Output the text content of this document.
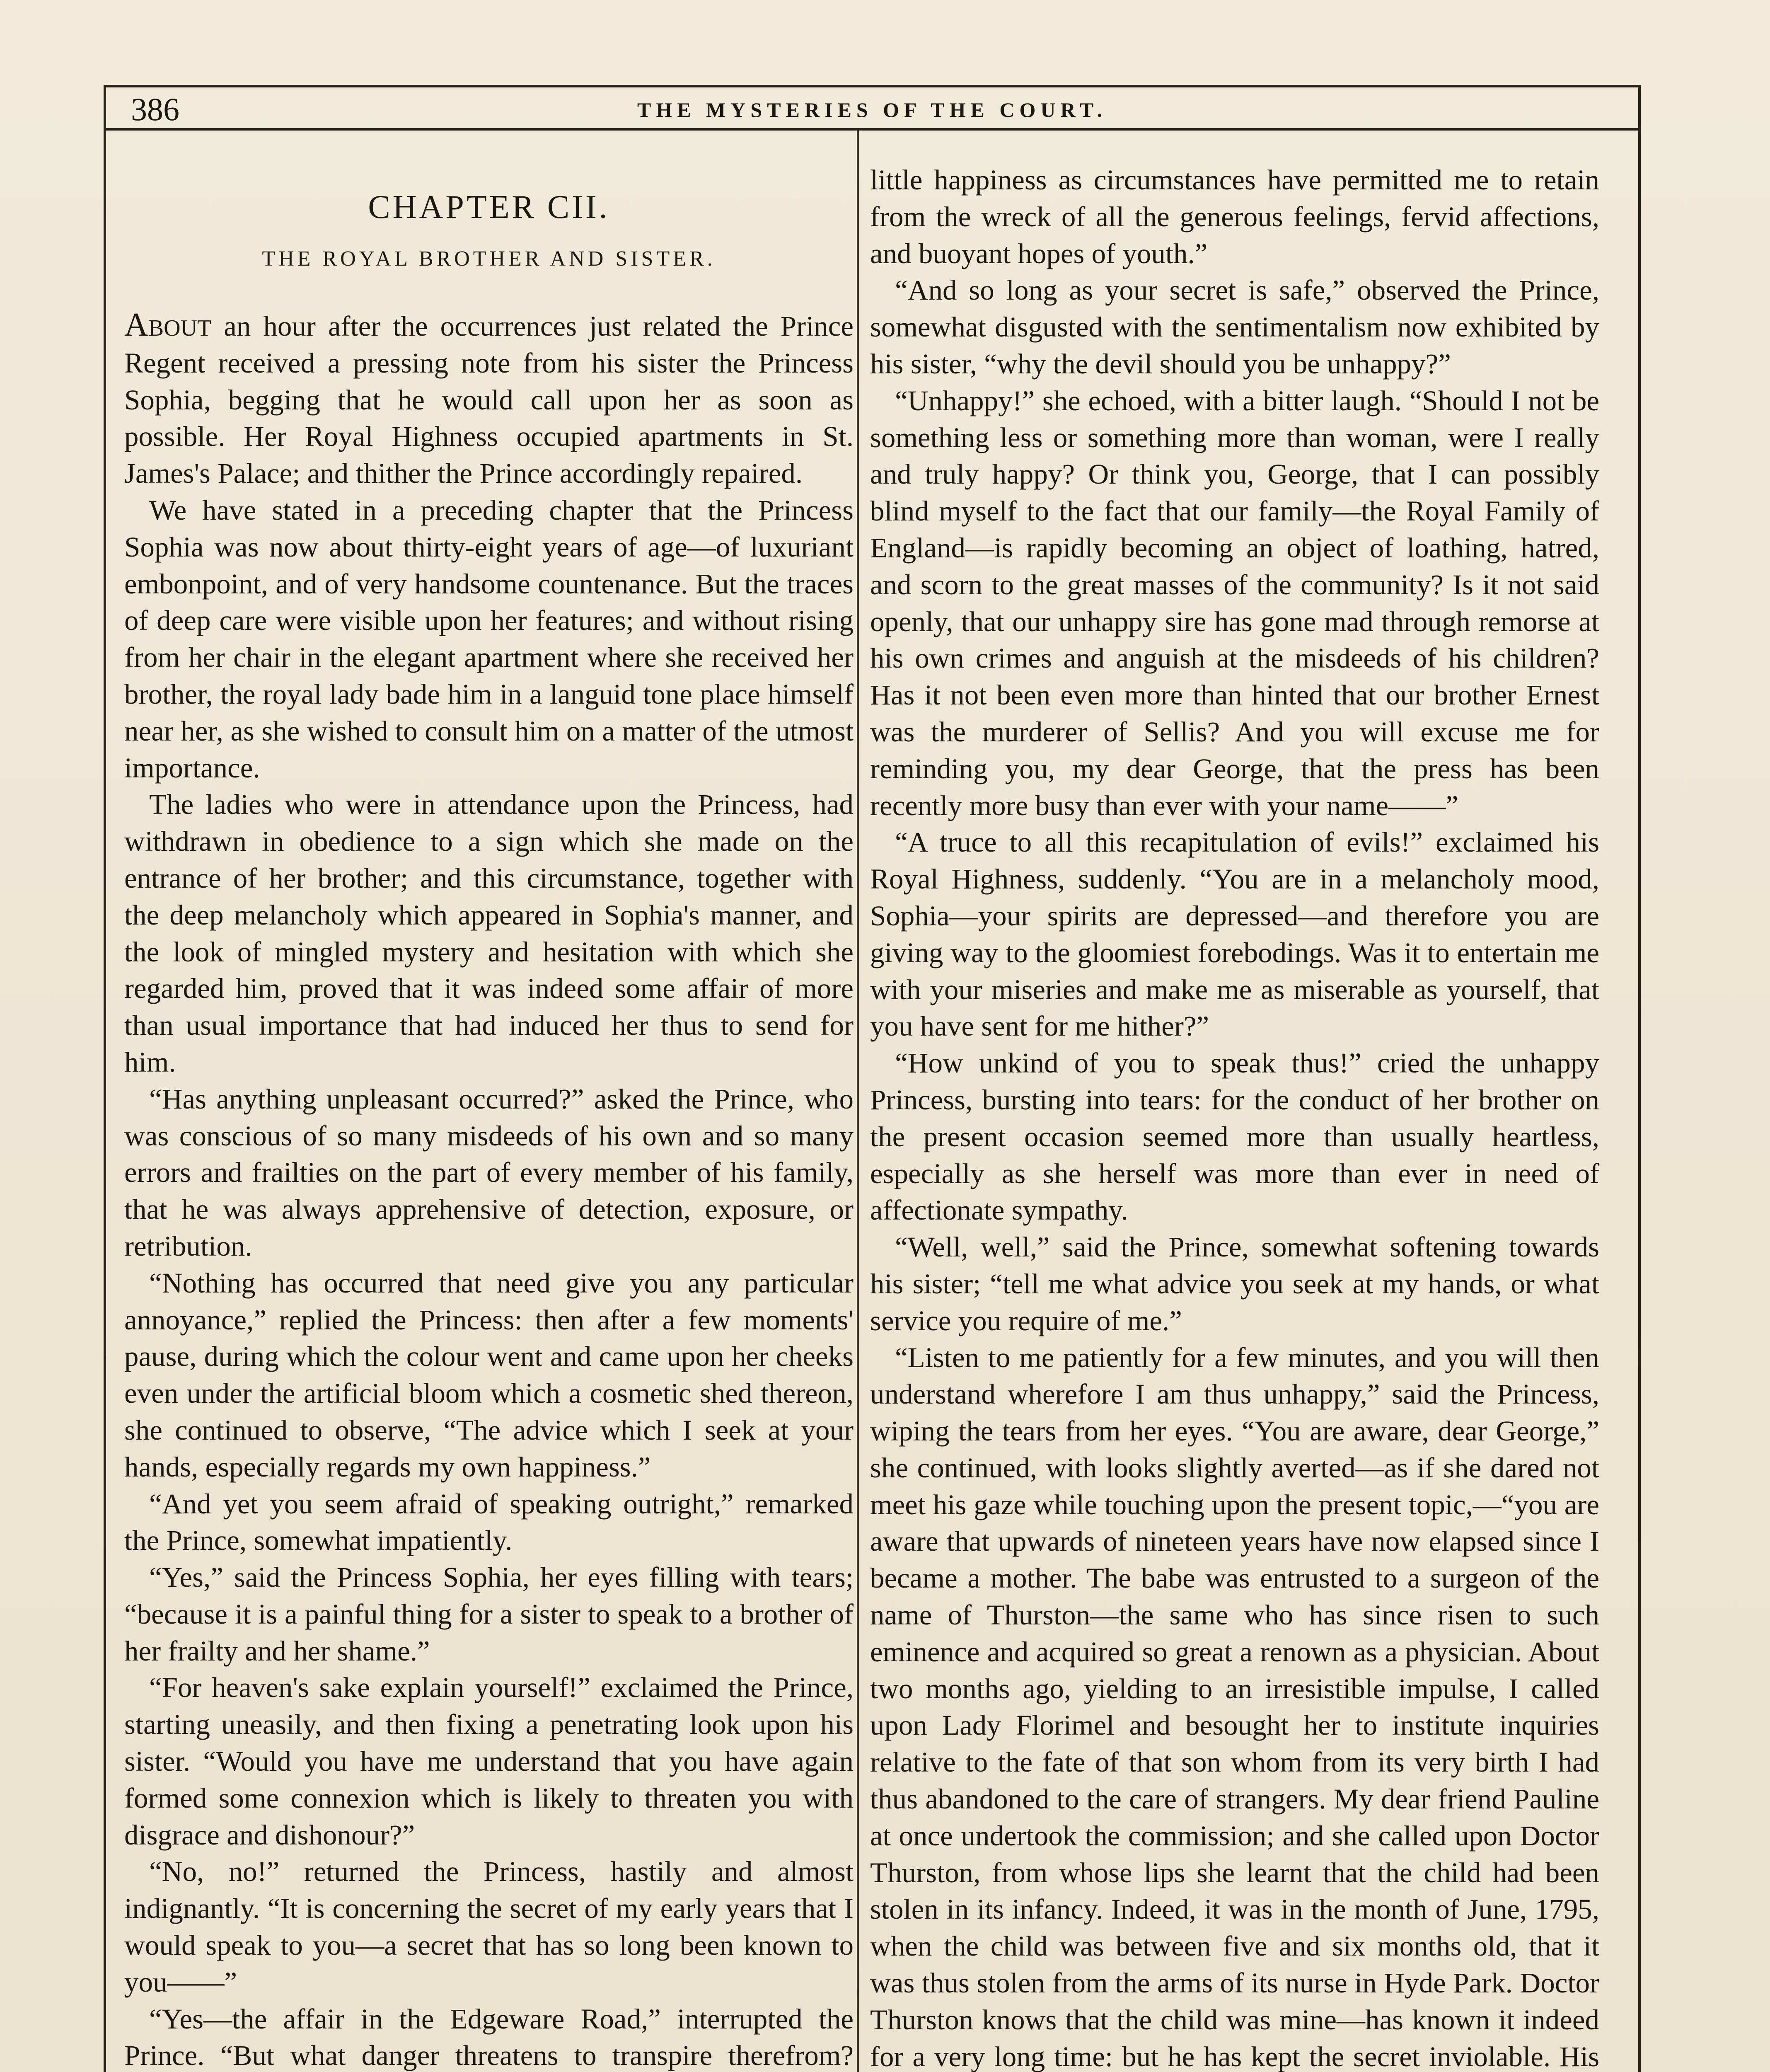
386	THE MYSTERIES OF THE COURT.
CHAPTER CII.
THE ROYAL BROTHER AND SISTER.

About an hour after the occurrences just related the Prince Regent received a pressing note from his sister the Princess Sophia, begging that he would call upon her as soon as possible. Her Royal Highness occupied apartments in St. James's Palace; and thither the Prince accordingly repaired.

We have stated in a preceding chapter that the Princess Sophia was now about thirty-eight years of age—of luxuriant embonpoint, and of very handsome countenance. But the traces of deep care were visible upon her features; and without rising from her chair in the elegant apartment where she received her brother, the royal lady bade him in a languid tone place himself near her, as she wished to consult him on a matter of the utmost importance.

The ladies who were in attendance upon the Princess, had withdrawn in obedience to a sign which she made on the entrance of her brother; and this circumstance, together with the deep melancholy which appeared in Sophia's manner, and the look of mingled mystery and hesitation with which she regarded him, proved that it was indeed some affair of more than usual importance that had induced her thus to send for him.

“Has anything unpleasant occurred?” asked the Prince, who was conscious of so many misdeeds of his own and so many errors and frailties on the part of every member of his family, that he was always apprehensive of detection, exposure, or retribution.

“Nothing has occurred that need give you any particular annoyance,” replied the Princess: then after a few moments' pause, during which the colour went and came upon her cheeks even under the artificial bloom which a cosmetic shed thereon, she continued to observe, “The advice which I seek at your hands, especially regards my own happiness.”

“And yet you seem afraid of speaking outright,” remarked the Prince, somewhat impatiently.

“Yes,” said the Princess Sophia, her eyes filling with tears; “because it is a painful thing for a sister to speak to a brother of her frailty and her shame.”

“For heaven's sake explain yourself!” exclaimed the Prince, starting uneasily, and then fixing a penetrating look upon his sister. “Would you have me understand that you have again formed some connexion which is likely to threaten you with disgrace and dishonour?”

“No, no!” returned the Princess, hastily and almost indignantly. “It is concerning the secret of my early years that I would speak to you—a secret that has so long been known to you——”

“Yes—the affair in the Edgeware Road,” interrupted the Prince. “But what danger threatens to transpire therefrom?

little happiness as circumstances have permitted me to retain from the wreck of all the generous feelings, fervid affections, and buoyant hopes of youth.”

“And so long as your secret is safe,” observed the Prince, somewhat disgusted with the sentimentalism now exhibited by his sister, “why the devil should you be unhappy?”

“Unhappy!” she echoed, with a bitter laugh. “Should I not be something less or something more than woman, were I really and truly happy? Or think you, George, that I can possibly blind myself to the fact that our family—the Royal Family of England—is rapidly becoming an object of loathing, hatred, and scorn to the great masses of the community? Is it not said openly, that our unhappy sire has gone mad through remorse at his own crimes and anguish at the misdeeds of his children? Has it not been even more than hinted that our brother Ernest was the murderer of Sellis? And you will excuse me for reminding you, my dear George, that the press has been recently more busy than ever with your name——”

“A truce to all this recapitulation of evils!” exclaimed his Royal Highness, suddenly. “You are in a melancholy mood, Sophia—your spirits are depressed—and therefore you are giving way to the gloomiest forebodings. Was it to entertain me with your miseries and make me as miserable as yourself, that you have sent for me hither?”

“How unkind of you to speak thus!” cried the unhappy Princess, bursting into tears: for the conduct of her brother on the present occasion seemed more than usually heartless, especially as she herself was more than ever in need of affectionate sympathy.

“Well, well,” said the Prince, somewhat softening towards his sister; “tell me what advice you seek at my hands, or what service you require of me.”

“Listen to me patiently for a few minutes, and you will then understand wherefore I am thus unhappy,” said the Princess, wiping the tears from her eyes. “You are aware, dear George,” she continued, with looks slightly averted—as if she dared not meet his gaze while touching upon the present topic,—“you are aware that upwards of nineteen years have now elapsed since I became a mother. The babe was entrusted to a surgeon of the name of Thurston—the same who has since risen to such eminence and acquired so great a renown as a physician. About two months ago, yielding to an irresistible impulse, I called upon Lady Florimel and besought her to institute inquiries relative to the fate of that son whom from its very birth I had thus abandoned to the care of strangers. My dear friend Pauline at once undertook the commission; and she called upon Doctor Thurston, from whose lips she learnt that the child had been stolen in its infancy. Indeed, it was in the month of June, 1795, when the child was between five and six months old, that it was thus stolen from the arms of its nurse in Hyde Park. Doctor Thurston knows that the child was mine—has known it indeed for a very long time: but he has kept the secret inviolable. His
